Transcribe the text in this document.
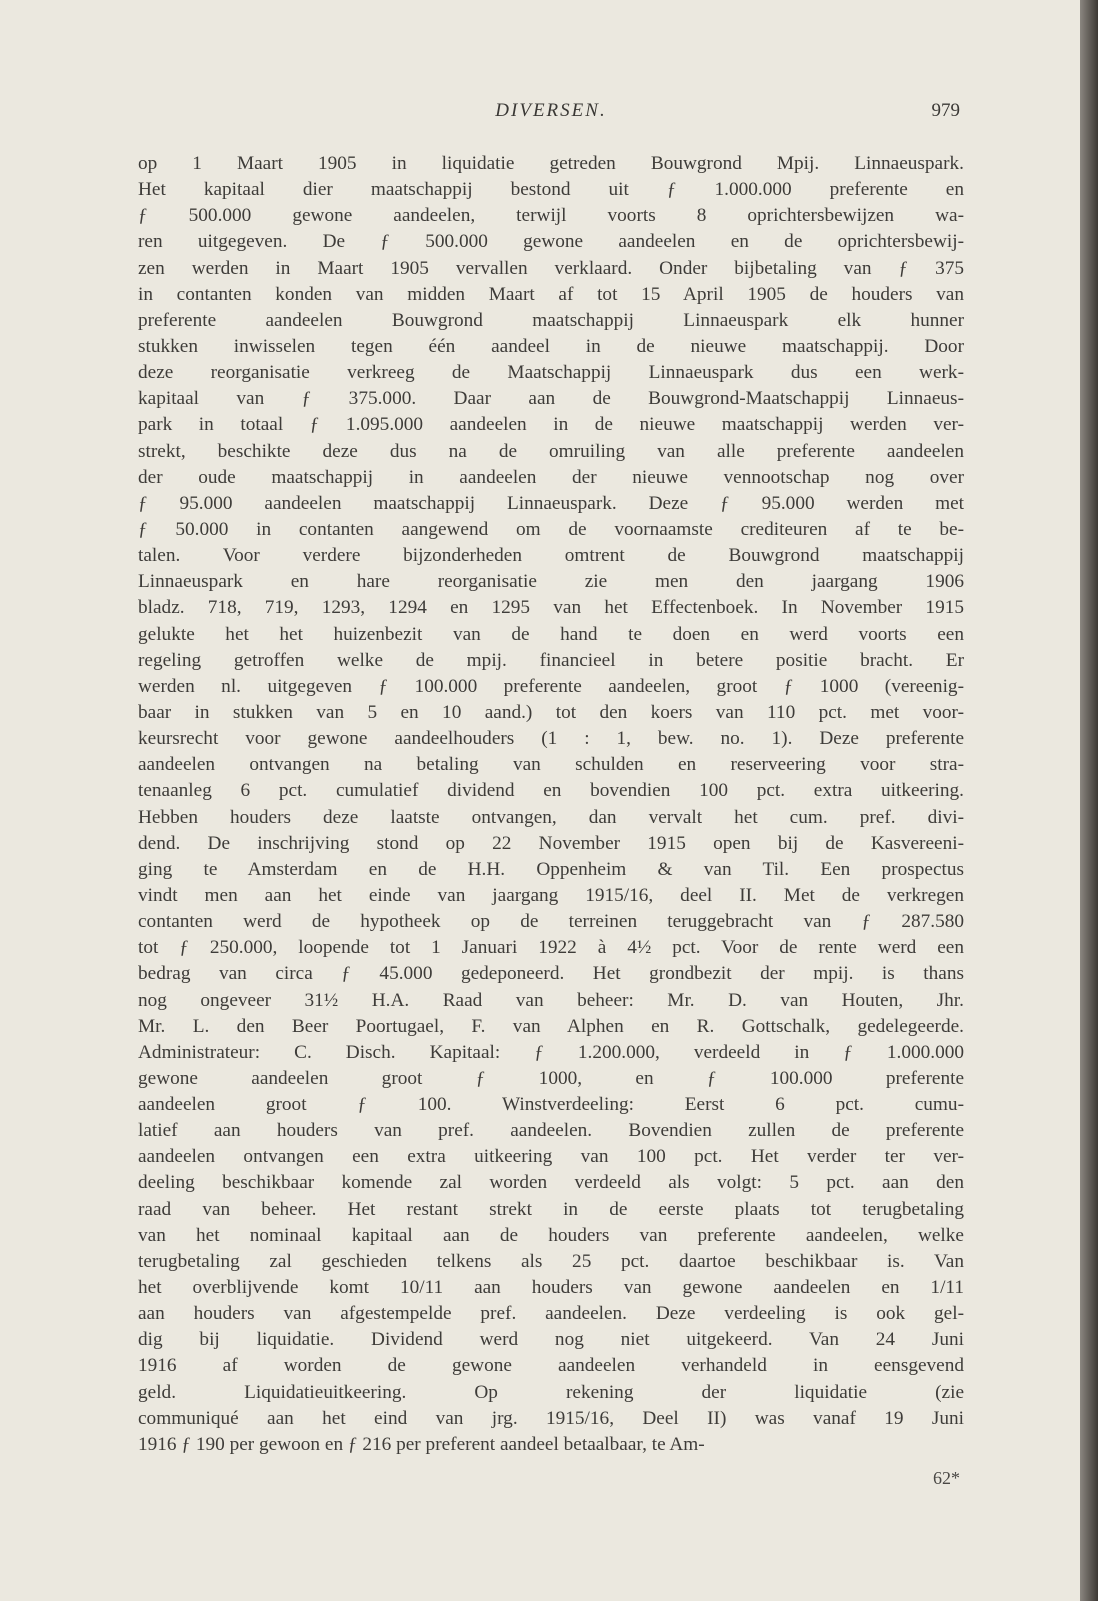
DIVERSEN.	979
op 1 Maart 1905 in liquidatie getreden Bouwgrond Mpij. Linnaeuspark.
Het kapitaal dier maatschappij bestond uit ƒ 1.000.000 preferente en
ƒ 500.000 gewone aandeelen, terwijl voorts 8 oprichtersbewijzen wa-
ren uitgegeven. De ƒ 500.000 gewone aandeelen en de oprichtersbewij-
zen werden in Maart 1905 vervallen verklaard. Onder bijbetaling van ƒ 375
in contanten konden van midden Maart af tot 15 April 1905 de houders van
preferente aandeelen Bouwgrond maatschappij Linnaeuspark elk hunner
stukken inwisselen tegen één aandeel in de nieuwe maatschappij. Door
deze reorganisatie verkreeg de Maatschappij Linnaeuspark dus een werk-
kapitaal van ƒ 375.000. Daar aan de Bouwgrond-Maatschappij Linnaeus-
park in totaal ƒ 1.095.000 aandeelen in de nieuwe maatschappij werden ver-
strekt, beschikte deze dus na de omruiling van alle preferente aandeelen
der oude maatschappij in aandeelen der nieuwe vennootschap nog over
ƒ 95.000 aandeelen maatschappij Linnaeuspark. Deze ƒ 95.000 werden met
ƒ 50.000 in contanten aangewend om de voornaamste crediteuren af te be-
talen. Voor verdere bijzonderheden omtrent de Bouwgrond maatschappij
Linnaeuspark en hare reorganisatie zie men den jaargang 1906
bladz. 718, 719, 1293, 1294 en 1295 van het Effectenboek. In November 1915
gelukte het het huizenbezit van de hand te doen en werd voorts een
regeling getroffen welke de mpij. financieel in betere positie bracht. Er
werden nl. uitgegeven ƒ 100.000 preferente aandeelen, groot ƒ 1000 (vereenig-
baar in stukken van 5 en 10 aand.) tot den koers van 110 pct. met voor-
keursrecht voor gewone aandeelhouders (1 : 1, bew. no. 1). Deze preferente
aandeelen ontvangen na betaling van schulden en reserveering voor stra-
tenaanleg 6 pct. cumulatief dividend en bovendien 100 pct. extra uitkeering.
Hebben houders deze laatste ontvangen, dan vervalt het cum. pref. divi-
dend. De inschrijving stond op 22 November 1915 open bij de Kasvereeni-
ging te Amsterdam en de H.H. Oppenheim & van Til. Een prospectus
vindt men aan het einde van jaargang 1915/16, deel II. Met de verkregen
contanten werd de hypotheek op de terreinen teruggebracht van ƒ 287.580
tot ƒ 250.000, loopende tot 1 Januari 1922 à 4½ pct. Voor de rente werd een
bedrag van circa ƒ 45.000 gedeponeerd. Het grondbezit der mpij. is thans
nog ongeveer 31½ H.A. Raad van beheer: Mr. D. van Houten, Jhr.
Mr. L. den Beer Poortugael, F. van Alphen en R. Gottschalk, gedelegeerde.
Administrateur: C. Disch. Kapitaal: ƒ 1.200.000, verdeeld in ƒ 1.000.000
gewone aandeelen groot ƒ 1000, en ƒ 100.000 preferente
aandeelen groot ƒ 100. Winstverdeeling: Eerst 6 pct. cumu-
latief aan houders van pref. aandeelen. Bovendien zullen de preferente
aandeelen ontvangen een extra uitkeering van 100 pct. Het verder ter ver-
deeling beschikbaar komende zal worden verdeeld als volgt: 5 pct. aan den
raad van beheer. Het restant strekt in de eerste plaats tot terugbetaling
van het nominaal kapitaal aan de houders van preferente aandeelen, welke
terugbetaling zal geschieden telkens als 25 pct. daartoe beschikbaar is. Van
het overblijvende komt 10/11 aan houders van gewone aandeelen en 1/11
aan houders van afgestempelde pref. aandeelen. Deze verdeeling is ook gel-
dig bij liquidatie. Dividend werd nog niet uitgekeerd. Van 24 Juni
1916 af worden de gewone aandeelen verhandeld in eensgevend
geld. Liquidatieuitkeering. Op rekening der liquidatie (zie
communiqué aan het eind van jrg. 1915/16, Deel II) was vanaf 19 Juni
1916 ƒ 190 per gewoon en ƒ 216 per preferent aandeel betaalbaar, te Am-
62*
